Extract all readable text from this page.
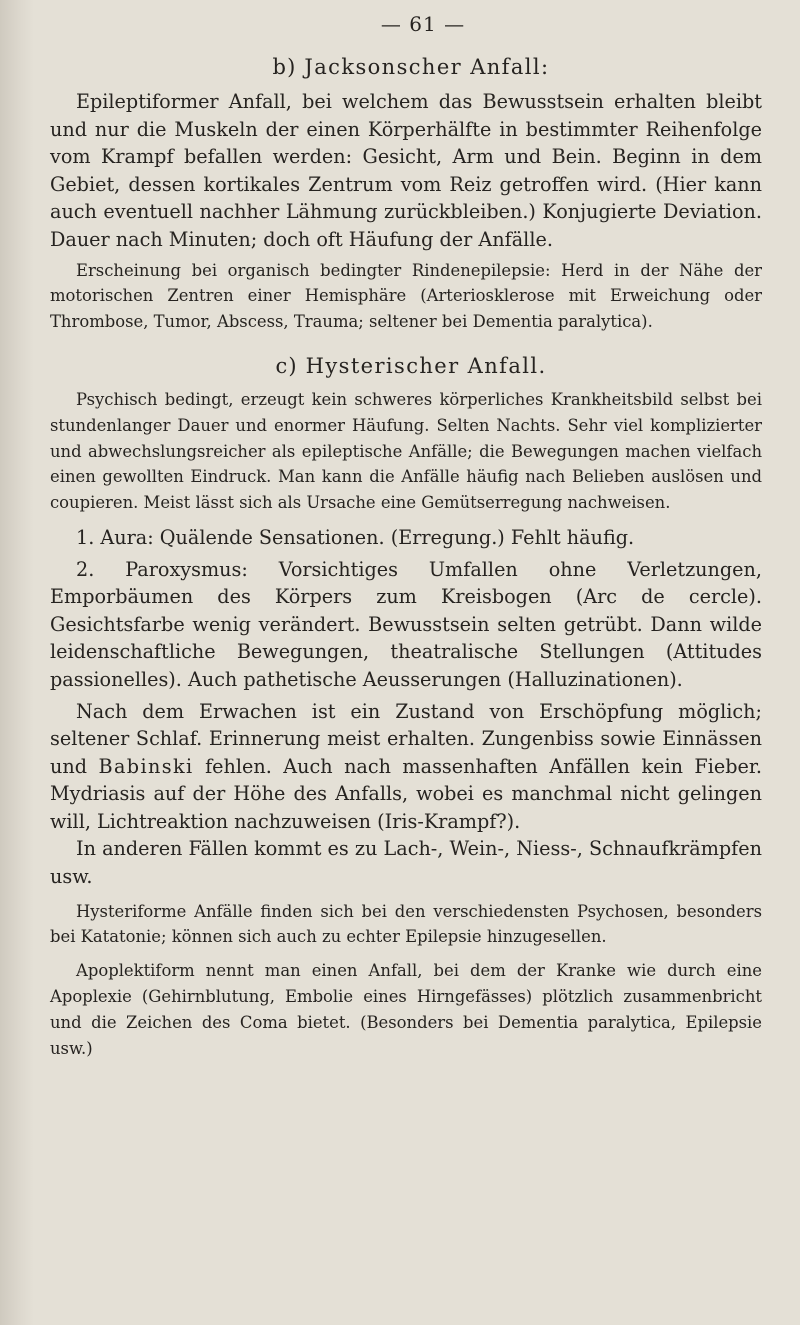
— 61 —
b) Jacksonscher Anfall:

Epileptiformer Anfall, bei welchem das Bewusstsein erhalten bleibt und nur die Muskeln der einen Körperhälfte in bestimmter Reihenfolge vom Krampf befallen werden: Gesicht, Arm und Bein. Beginn in dem Gebiet, dessen kortikales Zentrum vom Reiz getroffen wird. (Hier kann auch eventuell nachher Lähmung zurückbleiben.) Konjugierte Deviation. Dauer nach Minuten; doch oft Häufung der Anfälle.

Erscheinung bei organisch bedingter Rindenepilepsie: Herd in der Nähe der motorischen Zentren einer Hemisphäre (Arteriosklerose mit Erweichung oder Thrombose, Tumor, Abscess, Trauma; seltener bei Dementia paralytica).

c) Hysterischer Anfall.

Psychisch bedingt, erzeugt kein schweres körperliches Krankheitsbild selbst bei stundenlanger Dauer und enormer Häufung. Selten Nachts. Sehr viel komplizierter und abwechslungsreicher als epileptische Anfälle; die Bewegungen machen vielfach einen gewollten Eindruck. Man kann die Anfälle häufig nach Belieben auslösen und coupieren. Meist lässt sich als Ursache eine Gemütserregung nachweisen.

1. Aura: Quälende Sensationen. (Erregung.) Fehlt häufig.

2. Paroxysmus: Vorsichtiges Umfallen ohne Verletzungen, Emporbäumen des Körpers zum Kreisbogen (Arc de cercle). Gesichtsfarbe wenig verändert. Bewusstsein selten getrübt. Dann wilde leidenschaftliche Bewegungen, theatralische Stellungen (Attitudes passionelles). Auch pathetische Aeusserungen (Halluzinationen).

Nach dem Erwachen ist ein Zustand von Erschöpfung möglich; seltener Schlaf. Erinnerung meist erhalten. Zungenbiss sowie Einnässen und Babinski fehlen. Auch nach massenhaften Anfällen kein Fieber. Mydriasis auf der Höhe des Anfalls, wobei es manchmal nicht gelingen will, Lichtreaktion nachzuweisen (Iris-Krampf?).

In anderen Fällen kommt es zu Lach-, Wein-, Niess-, Schnaufkrämpfen usw.

Hysteriforme Anfälle finden sich bei den verschiedensten Psychosen, besonders bei Katatonie; können sich auch zu echter Epilepsie hinzugesellen.

Apoplektiform nennt man einen Anfall, bei dem der Kranke wie durch eine Apoplexie (Gehirnblutung, Embolie eines Hirngefässes) plötzlich zusammenbricht und die Zeichen des Coma bietet. (Besonders bei Dementia paralytica, Epilepsie usw.)
